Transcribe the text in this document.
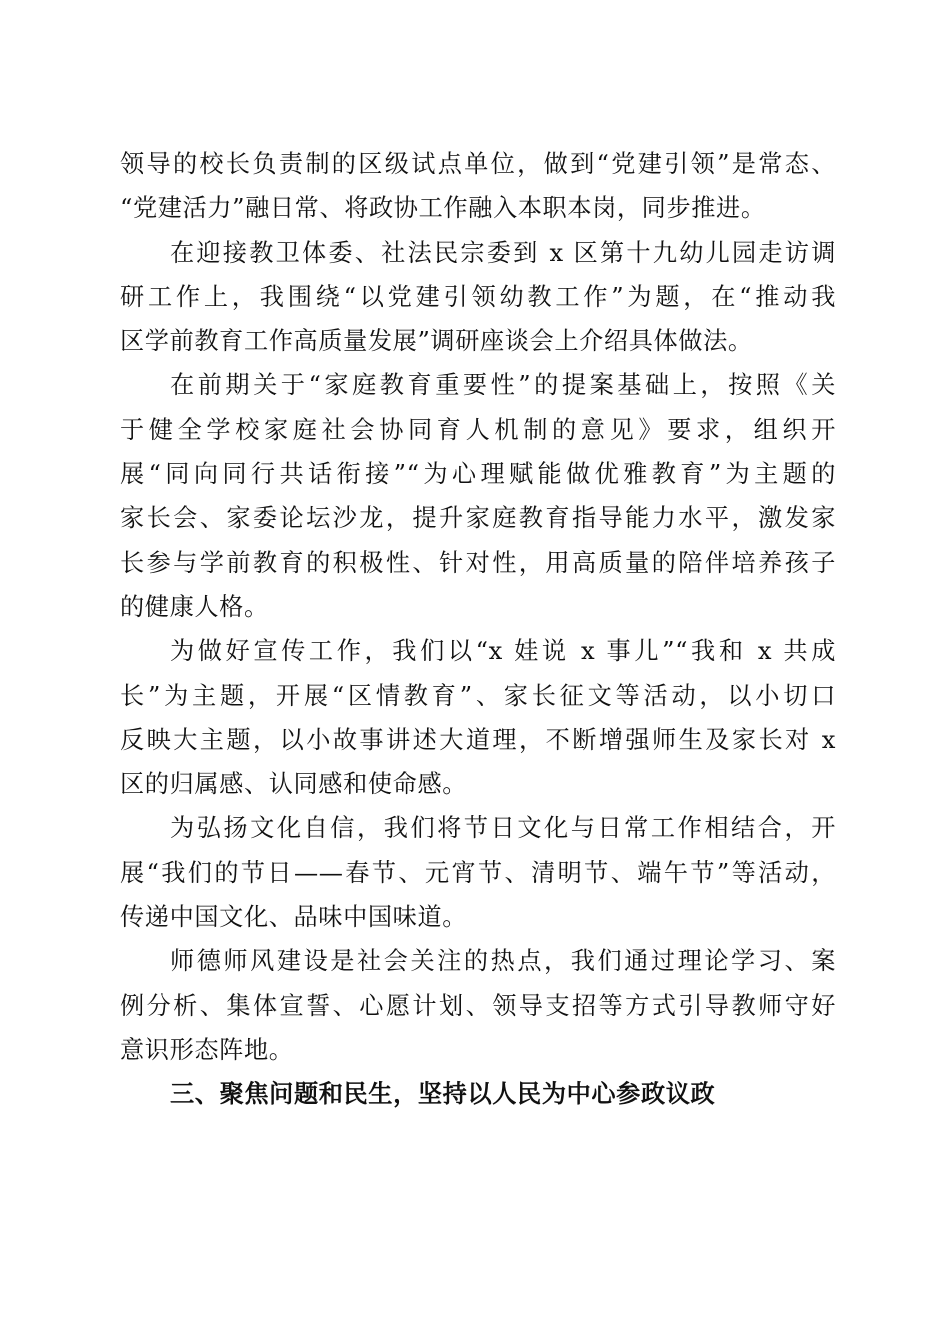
领导的校长负责制的区级试点单位，做到“党建引领”是常态、
“党建活力”融日常、将政协工作融入本职本岗，同步推进。
在迎接教卫体委、社法民宗委到 x 区第十九幼儿园走访调
研工作上，我围绕“以党建引领幼教工作”为题，在“推动我
区学前教育工作高质量发展”调研座谈会上介绍具体做法。
在前期关于“家庭教育重要性”的提案基础上，按照《关
于健全学校家庭社会协同育人机制的意见》要求，组织开
展“同向同行共话衔接”“为心理赋能做优雅教育”为主题的
家长会、家委论坛沙龙，提升家庭教育指导能力水平，激发家
长参与学前教育的积极性、针对性，用高质量的陪伴培养孩子
的健康人格。
为做好宣传工作，我们以“x 娃说 x 事儿”“我和 x 共成
长”为主题，开展“区情教育”、家长征文等活动，以小切口
反映大主题，以小故事讲述大道理，不断增强师生及家长对 x
区的归属感、认同感和使命感。
为弘扬文化自信，我们将节日文化与日常工作相结合，开
展“我们的节日——春节、元宵节、清明节、端午节”等活动，
传递中国文化、品味中国味道。
师德师风建设是社会关注的热点，我们通过理论学习、案
例分析、集体宣誓、心愿计划、领导支招等方式引导教师守好
意识形态阵地。
三、聚焦问题和民生，坚持以人民为中心参政议政
